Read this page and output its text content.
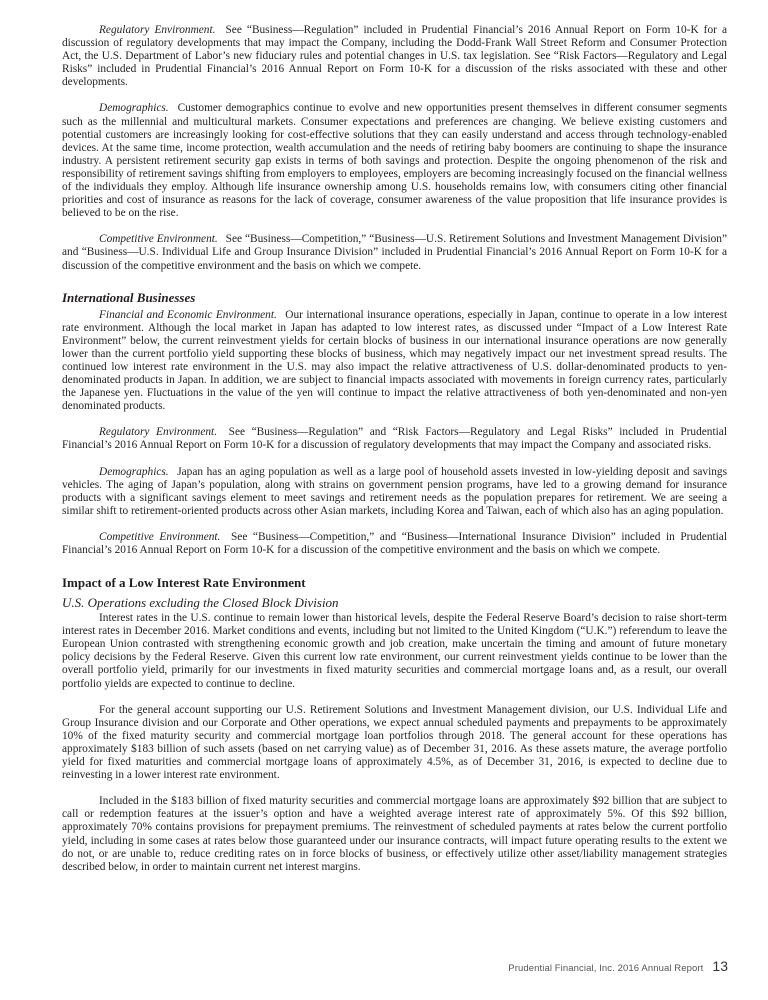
Regulatory Environment. See “Business—Regulation” included in Prudential Financial’s 2016 Annual Report on Form 10-K for a discussion of regulatory developments that may impact the Company, including the Dodd-Frank Wall Street Reform and Consumer Protection Act, the U.S. Department of Labor’s new fiduciary rules and potential changes in U.S. tax legislation. See “Risk Factors—Regulatory and Legal Risks” included in Prudential Financial’s 2016 Annual Report on Form 10-K for a discussion of the risks associated with these and other developments.

Demographics. Customer demographics continue to evolve and new opportunities present themselves in different consumer segments such as the millennial and multicultural markets. Consumer expectations and preferences are changing. We believe existing customers and potential customers are increasingly looking for cost-effective solutions that they can easily understand and access through technology-enabled devices. At the same time, income protection, wealth accumulation and the needs of retiring baby boomers are continuing to shape the insurance industry. A persistent retirement security gap exists in terms of both savings and protection. Despite the ongoing phenomenon of the risk and responsibility of retirement savings shifting from employers to employees, employers are becoming increasingly focused on the financial wellness of the individuals they employ. Although life insurance ownership among U.S. households remains low, with consumers citing other financial priorities and cost of insurance as reasons for the lack of coverage, consumer awareness of the value proposition that life insurance provides is believed to be on the rise.

Competitive Environment. See “Business—Competition,” “Business—U.S. Retirement Solutions and Investment Management Division” and “Business—U.S. Individual Life and Group Insurance Division” included in Prudential Financial’s 2016 Annual Report on Form 10-K for a discussion of the competitive environment and the basis on which we compete.

International Businesses

Financial and Economic Environment. Our international insurance operations, especially in Japan, continue to operate in a low interest rate environment. Although the local market in Japan has adapted to low interest rates, as discussed under “Impact of a Low Interest Rate Environment” below, the current reinvestment yields for certain blocks of business in our international insurance operations are now generally lower than the current portfolio yield supporting these blocks of business, which may negatively impact our net investment spread results. The continued low interest rate environment in the U.S. may also impact the relative attractiveness of U.S. dollar-denominated products to yen-denominated products in Japan. In addition, we are subject to financial impacts associated with movements in foreign currency rates, particularly the Japanese yen. Fluctuations in the value of the yen will continue to impact the relative attractiveness of both yen-denominated and non-yen denominated products.

Regulatory Environment. See “Business—Regulation” and “Risk Factors—Regulatory and Legal Risks” included in Prudential Financial’s 2016 Annual Report on Form 10-K for a discussion of regulatory developments that may impact the Company and associated risks.

Demographics. Japan has an aging population as well as a large pool of household assets invested in low-yielding deposit and savings vehicles. The aging of Japan’s population, along with strains on government pension programs, have led to a growing demand for insurance products with a significant savings element to meet savings and retirement needs as the population prepares for retirement. We are seeing a similar shift to retirement-oriented products across other Asian markets, including Korea and Taiwan, each of which also has an aging population.

Competitive Environment. See “Business—Competition,” and “Business—International Insurance Division” included in Prudential Financial’s 2016 Annual Report on Form 10-K for a discussion of the competitive environment and the basis on which we compete.

Impact of a Low Interest Rate Environment
U.S. Operations excluding the Closed Block Division

Interest rates in the U.S. continue to remain lower than historical levels, despite the Federal Reserve Board’s decision to raise short-term interest rates in December 2016. Market conditions and events, including but not limited to the United Kingdom (“U.K.”) referendum to leave the European Union contrasted with strengthening economic growth and job creation, make uncertain the timing and amount of future monetary policy decisions by the Federal Reserve. Given this current low rate environment, our current reinvestment yields continue to be lower than the overall portfolio yield, primarily for our investments in fixed maturity securities and commercial mortgage loans and, as a result, our overall portfolio yields are expected to continue to decline.

For the general account supporting our U.S. Retirement Solutions and Investment Management division, our U.S. Individual Life and Group Insurance division and our Corporate and Other operations, we expect annual scheduled payments and prepayments to be approximately 10% of the fixed maturity security and commercial mortgage loan portfolios through 2018. The general account for these operations has approximately $183 billion of such assets (based on net carrying value) as of December 31, 2016. As these assets mature, the average portfolio yield for fixed maturities and commercial mortgage loans of approximately 4.5%, as of December 31, 2016, is expected to decline due to reinvesting in a lower interest rate environment.

Included in the $183 billion of fixed maturity securities and commercial mortgage loans are approximately $92 billion that are subject to call or redemption features at the issuer’s option and have a weighted average interest rate of approximately 5%. Of this $92 billion, approximately 70% contains provisions for prepayment premiums. The reinvestment of scheduled payments at rates below the current portfolio yield, including in some cases at rates below those guaranteed under our insurance contracts, will impact future operating results to the extent we do not, or are unable to, reduce crediting rates on in force blocks of business, or effectively utilize other asset/liability management strategies described below, in order to maintain current net interest margins.

Prudential Financial, Inc. 2016 Annual Report 13
